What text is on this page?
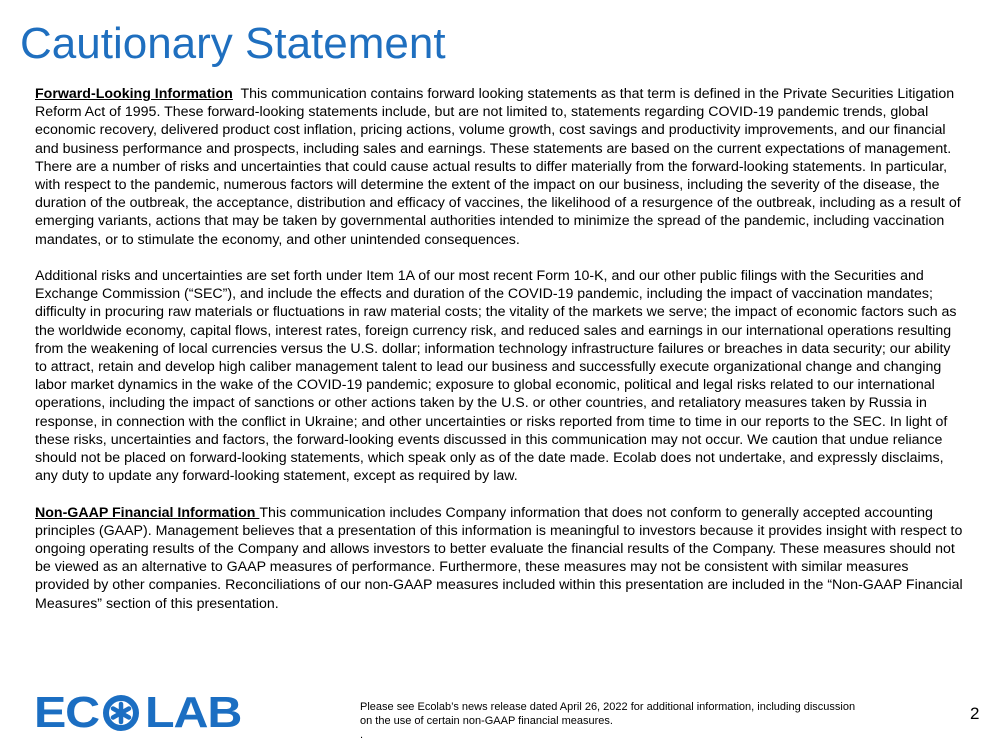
Cautionary Statement

Forward-Looking Information  This communication contains forward looking statements as that term is defined in the Private Securities Litigation Reform Act of 1995. These forward-looking statements include, but are not limited to, statements regarding COVID-19 pandemic trends, global economic recovery, delivered product cost inflation, pricing actions, volume growth, cost savings and productivity improvements, and our financial and business performance and prospects, including sales and earnings. These statements are based on the current expectations of management. There are a number of risks and uncertainties that could cause actual results to differ materially from the forward-looking statements. In particular, with respect to the pandemic, numerous factors will determine the extent of the impact on our business, including the severity of the disease, the duration of the outbreak, the acceptance, distribution and efficacy of vaccines, the likelihood of a resurgence of the outbreak, including as a result of emerging variants, actions that may be taken by governmental authorities intended to minimize the spread of the pandemic, including vaccination mandates, or to stimulate the economy, and other unintended consequences.

Additional risks and uncertainties are set forth under Item 1A of our most recent Form 10-K, and our other public filings with the Securities and Exchange Commission (“SEC”), and include the effects and duration of the COVID-19 pandemic, including the impact of vaccination mandates; difficulty in procuring raw materials or fluctuations in raw material costs; the vitality of the markets we serve; the impact of economic factors such as the worldwide economy, capital flows, interest rates, foreign currency risk, and reduced sales and earnings in our international operations resulting from the weakening of local currencies versus the U.S. dollar; information technology infrastructure failures or breaches in data security; our ability to attract, retain and develop high caliber management talent to lead our business and successfully execute organizational change and changing labor market dynamics in the wake of the COVID-19 pandemic; exposure to global economic, political and legal risks related to our international operations, including the impact of sanctions or other actions taken by the U.S. or other countries, and retaliatory measures taken by Russia in response, in connection with the conflict in Ukraine; and other uncertainties or risks reported from time to time in our reports to the SEC. In light of these risks, uncertainties and factors, the forward-looking events discussed in this communication may not occur. We caution that undue reliance should not be placed on forward-looking statements, which speak only as of the date made. Ecolab does not undertake, and expressly disclaims, any duty to update any forward-looking statement, except as required by law.

Non-GAAP Financial Information This communication includes Company information that does not conform to generally accepted accounting principles (GAAP). Management believes that a presentation of this information is meaningful to investors because it provides insight with respect to ongoing operating results of the Company and allows investors to better evaluate the financial results of the Company. These measures should not be viewed as an alternative to GAAP measures of performance. Furthermore, these measures may not be consistent with similar measures provided by other companies. Reconciliations of our non-GAAP measures included within this presentation are included in the “Non-GAAP Financial Measures” section of this presentation.

EC LAB	Please see Ecolab’s news release dated April 26, 2022 for additional information, including discussion
on the use of certain non-GAAP financial measures.
.
2
